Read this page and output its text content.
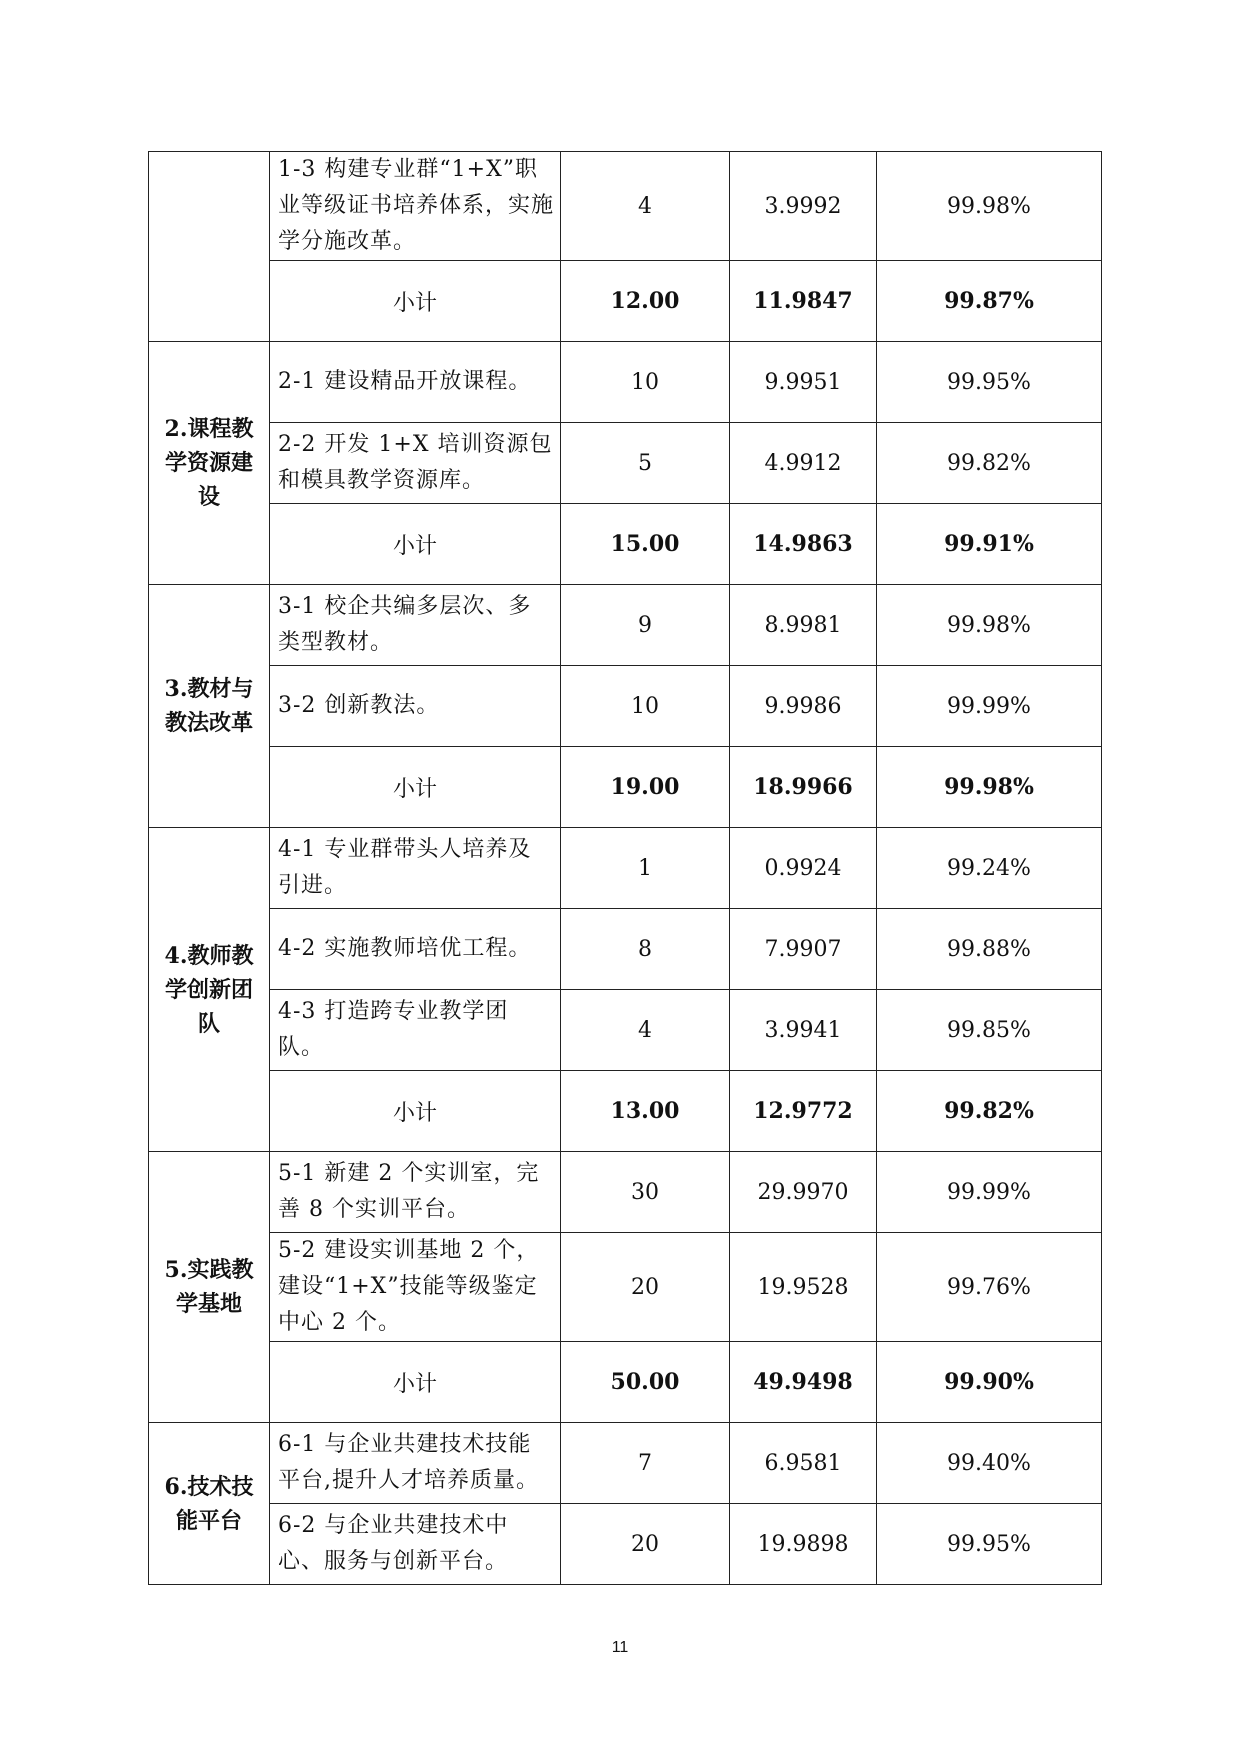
	1-3 构建专业群“1+X”职业等级证书培养体系，实施学分施改革。	4	3.9992	99.98%
	小计	12.00	11.9847	99.87%
2.课程教学资源建设	2-1 建设精品开放课程。	10	9.9951	99.95%
	2-2 开发 1+X 培训资源包和模具教学资源库。	5	4.9912	99.82%
	小计	15.00	14.9863	99.91%
3.教材与教法改革	3-1 校企共编多层次、多类型教材。	9	8.9981	99.98%
	3-2 创新教法。	10	9.9986	99.99%
	小计	19.00	18.9966	99.98%
4.教师教学创新团队	4-1 专业群带头人培养及引进。	1	0.9924	99.24%
	4-2 实施教师培优工程。	8	7.9907	99.88%
	4-3 打造跨专业教学团队。	4	3.9941	99.85%
	小计	13.00	12.9772	99.82%
5.实践教学基地	5-1 新建 2 个实训室，完善 8 个实训平台。	30	29.9970	99.99%
	5-2 建设实训基地 2 个，建设“1+X”技能等级鉴定中心 2 个。	20	19.9528	99.76%
	小计	50.00	49.9498	99.90%
6.技术技能平台	6-1 与企业共建技术技能平台,提升人才培养质量。	7	6.9581	99.40%
	6-2 与企业共建技术中心、服务与创新平台。	20	19.9898	99.95%
11
